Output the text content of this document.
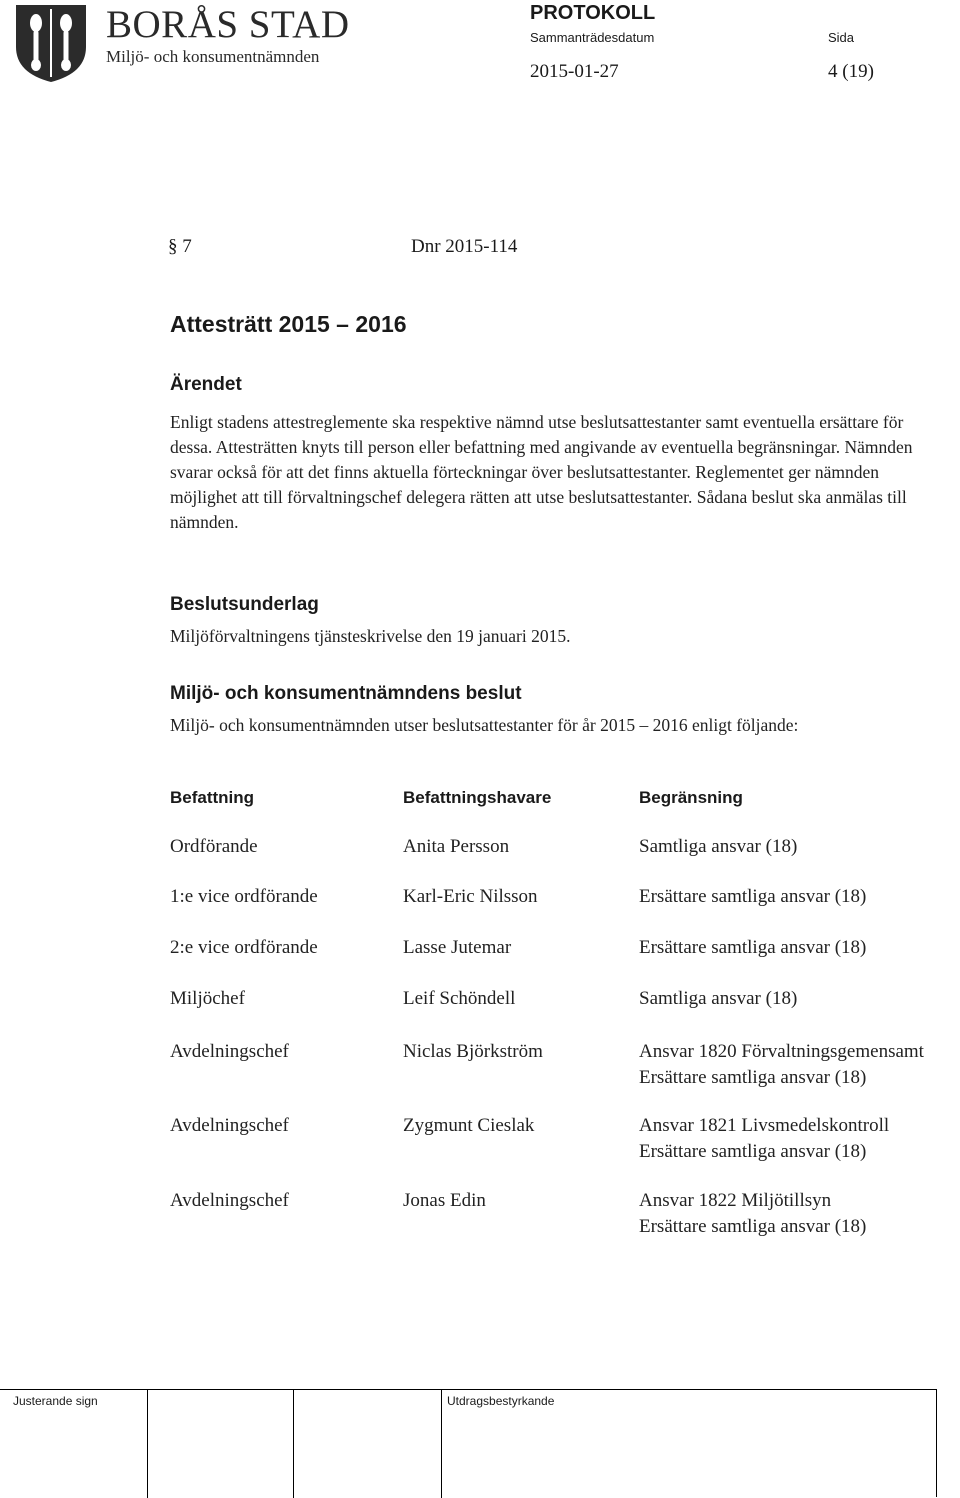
BORÅS STAD
Miljö- och konsumentnämnden
PROTOKOLL
Sammanträdesdatum	Sida
2015-01-27	4 (19)
§ 7	Dnr 2015-114
Attesträtt 2015 – 2016
Ärendet
Enligt stadens attestreglemente ska respektive nämnd utse beslutsattestanter samt eventuella ersättare för dessa. Attesträtten knyts till person eller befattning med angivande av eventuella begränsningar. Nämnden svarar också för att det finns aktuella förteckningar över beslutsattestanter. Reglementet ger nämnden möjlighet att till förvaltningschef delegera rätten att utse beslutsattestanter. Sådana beslut ska anmälas till nämnden.
Beslutsunderlag
Miljöförvaltningens tjänsteskrivelse den 19 januari 2015.
Miljö- och konsumentnämndens beslut
Miljö- och konsumentnämnden utser beslutsattestanter för år 2015 – 2016 enligt följande:
Befattning	Befattningshavare	Begränsning
Ordförande	Anita Persson	Samtliga ansvar (18)
1:e vice ordförande	Karl-Eric Nilsson	Ersättare samtliga ansvar (18)
2:e vice ordförande	Lasse Jutemar	Ersättare samtliga ansvar (18)
Miljöchef	Leif Schöndell	Samtliga ansvar (18)
Avdelningschef	Niclas Björkström	Ansvar 1820 Förvaltningsgemensamt
Ersättare samtliga ansvar (18)
Avdelningschef	Zygmunt Cieslak	Ansvar 1821 Livsmedelskontroll
Ersättare samtliga ansvar (18)
Avdelningschef	Jonas Edin	Ansvar 1822 Miljötillsyn
Ersättare samtliga ansvar (18)
Justerande sign	Utdragsbestyrkande
